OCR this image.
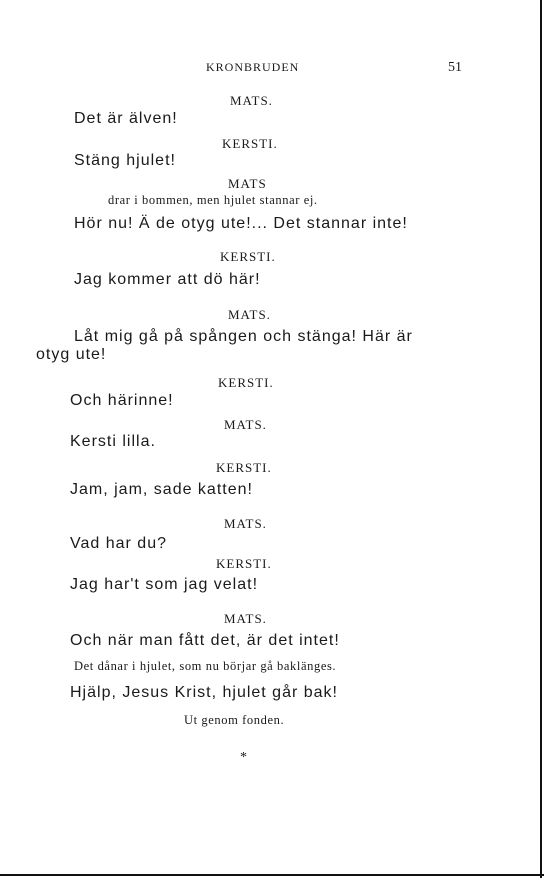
KRONBRUDEN	51
MATS.
Det är älven!
KERSTI.
Stäng hjulet!
MATS
drar i bommen, men hjulet stannar ej.
Hör nu! Ä de otyg ute!... Det stannar inte!
KERSTI.
Jag kommer att dö här!
MATS.
Låt mig gå på spången och stänga! Här är
otyg ute!
KERSTI.
Och härinne!
MATS.
Kersti lilla.
KERSTI.
Jam, jam, sade katten!
MATS.
Vad har du?
KERSTI.
Jag har't som jag velat!
MATS.
Och när man fått det, är det intet!
Det dånar i hjulet, som nu börjar gå baklänges.
Hjälp, Jesus Krist, hjulet går bak!
Ut genom fonden.
*
